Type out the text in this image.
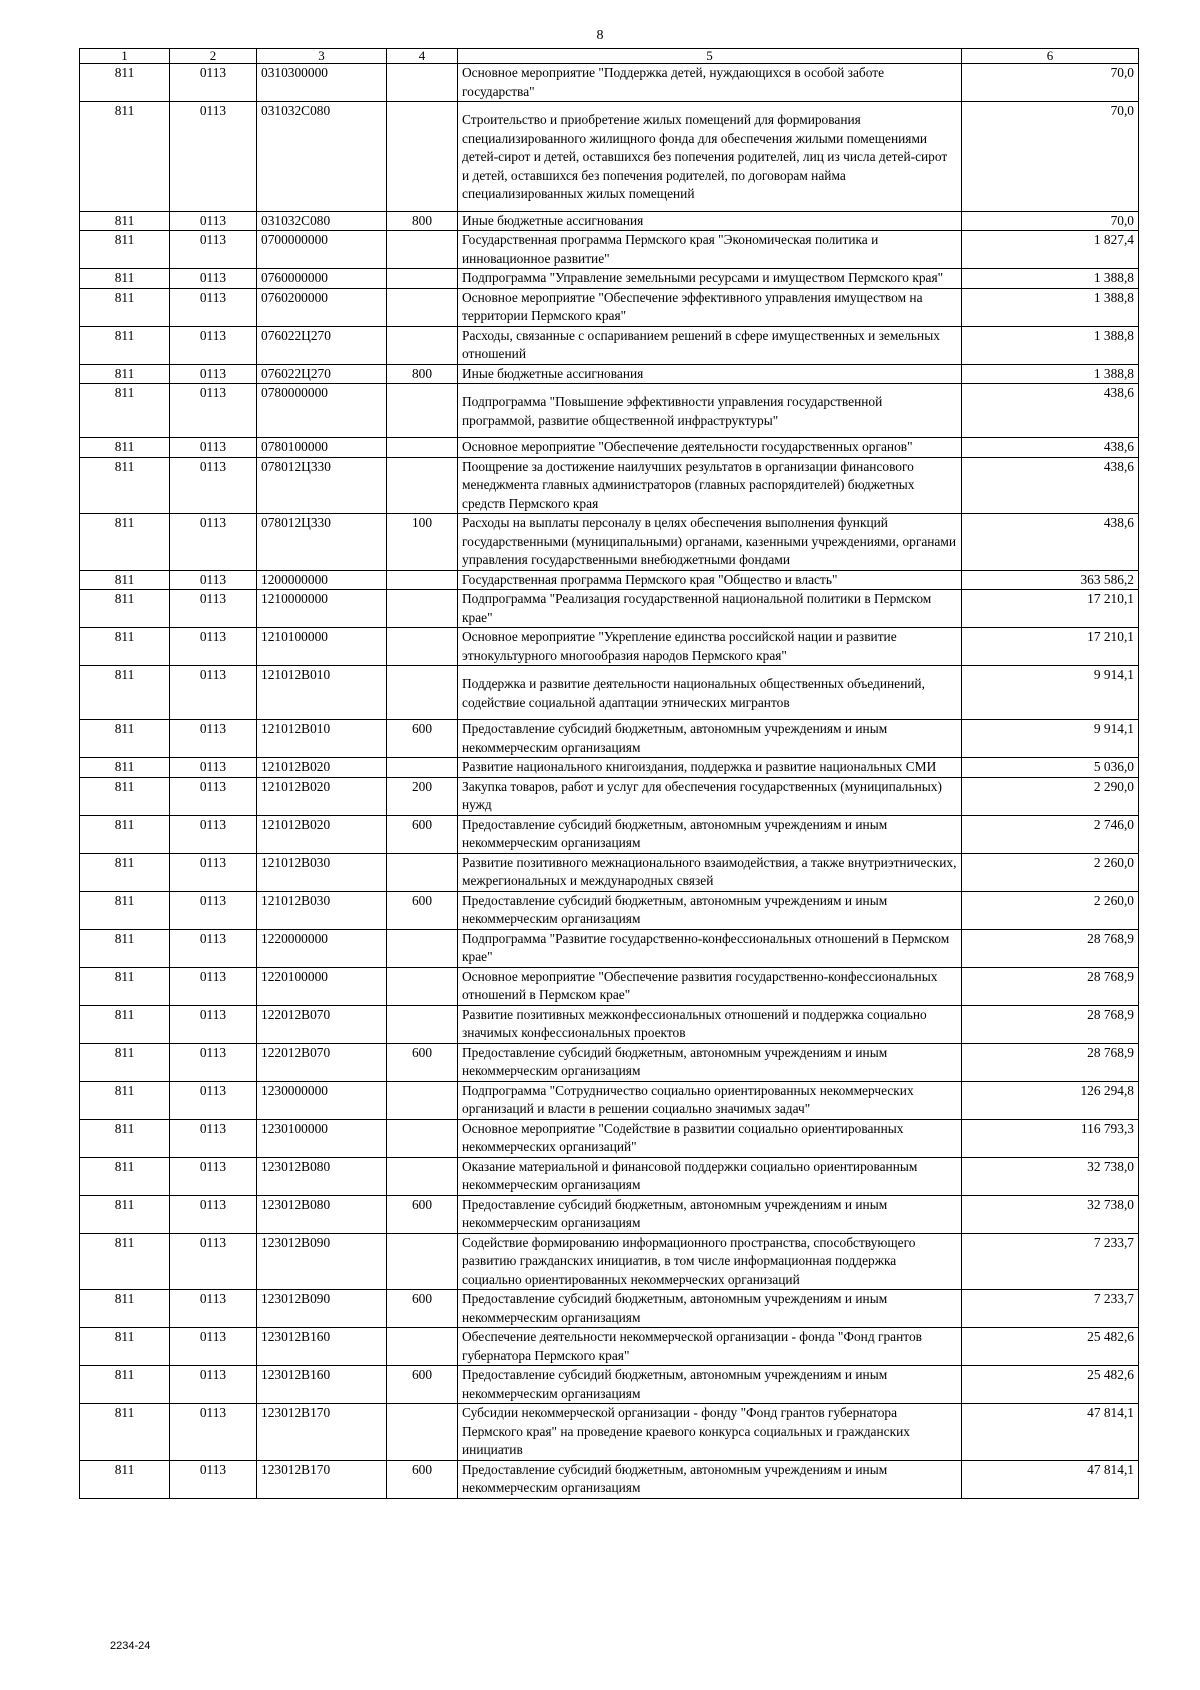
8
1	2	3	4	5	6
811	0113	0310300000		Основное мероприятие "Поддержка детей, нуждающихся в особой заботе государства"	70,0
811	0113	031032С080		Строительство и приобретение жилых помещений для формирования специализированного жилищного фонда для обеспечения жилыми помещениями детей-сирот и детей, оставшихся без попечения родителей, лиц из числа детей-сирот и детей, оставшихся без попечения родителей, по договорам найма специализированных жилых помещений	70,0
811	0113	031032С080	800	Иные бюджетные ассигнования	70,0
811	0113	0700000000		Государственная программа Пермского края "Экономическая политика и инновационное развитие"	1 827,4
811	0113	0760000000		Подпрограмма "Управление земельными ресурсами и имуществом Пермского края"	1 388,8
811	0113	0760200000		Основное мероприятие "Обеспечение эффективного управления имуществом на территории Пермского края"	1 388,8
811	0113	076022Ц270		Расходы, связанные с оспариванием решений в сфере имущественных и земельных отношений	1 388,8
811	0113	076022Ц270	800	Иные бюджетные ассигнования	1 388,8
811	0113	0780000000		Подпрограмма "Повышение эффективности управления государственной программой, развитие общественной инфраструктуры"	438,6
811	0113	0780100000		Основное мероприятие "Обеспечение деятельности государственных органов"	438,6
811	0113	078012Ц330		Поощрение за достижение наилучших результатов в организации финансового менеджмента главных администраторов (главных распорядителей) бюджетных средств Пермского края	438,6
811	0113	078012Ц330	100	Расходы на выплаты персоналу в целях обеспечения выполнения функций государственными (муниципальными) органами, казенными учреждениями, органами управления государственными внебюджетными фондами	438,6
811	0113	1200000000		Государственная программа Пермского края "Общество и власть"	363 586,2
811	0113	1210000000		Подпрограмма "Реализация государственной национальной политики в Пермском крае"	17 210,1
811	0113	1210100000		Основное мероприятие "Укрепление единства российской нации и развитие этнокультурного многообразия народов Пермского края"	17 210,1
811	0113	121012В010		Поддержка и развитие деятельности национальных общественных объединений, содействие социальной адаптации этнических мигрантов	9 914,1
811	0113	121012В010	600	Предоставление субсидий бюджетным, автономным учреждениям и иным некоммерческим организациям	9 914,1
811	0113	121012В020		Развитие национального книгоиздания, поддержка и развитие национальных СМИ	5 036,0
811	0113	121012В020	200	Закупка товаров, работ и услуг для обеспечения государственных (муниципальных) нужд	2 290,0
811	0113	121012В020	600	Предоставление субсидий бюджетным, автономным учреждениям и иным некоммерческим организациям	2 746,0
811	0113	121012В030		Развитие позитивного межнационального взаимодействия, а также внутриэтнических, межрегиональных и международных связей	2 260,0
811	0113	121012В030	600	Предоставление субсидий бюджетным, автономным учреждениям и иным некоммерческим организациям	2 260,0
811	0113	1220000000		Подпрограмма "Развитие государственно-конфессиональных отношений в Пермском крае"	28 768,9
811	0113	1220100000		Основное мероприятие "Обеспечение развития государственно-конфессиональных отношений в Пермском крае"	28 768,9
811	0113	122012В070		Развитие позитивных межконфессиональных отношений и поддержка социально значимых конфессиональных проектов	28 768,9
811	0113	122012В070	600	Предоставление субсидий бюджетным, автономным учреждениям и иным некоммерческим организациям	28 768,9
811	0113	1230000000		Подпрограмма "Сотрудничество социально ориентированных некоммерческих организаций и власти в решении социально значимых задач"	126 294,8
811	0113	1230100000		Основное мероприятие "Содействие в развитии социально ориентированных некоммерческих организаций"	116 793,3
811	0113	123012В080		Оказание материальной и финансовой поддержки социально ориентированным некоммерческим организациям	32 738,0
811	0113	123012В080	600	Предоставление субсидий бюджетным, автономным учреждениям и иным некоммерческим организациям	32 738,0
811	0113	123012В090		Содействие формированию информационного пространства, способствующего развитию гражданских инициатив, в том числе информационная поддержка социально ориентированных некоммерческих организаций	7 233,7
811	0113	123012В090	600	Предоставление субсидий бюджетным, автономным учреждениям и иным некоммерческим организациям	7 233,7
811	0113	123012В160		Обеспечение деятельности некоммерческой организации - фонда "Фонд грантов губернатора Пермского края"	25 482,6
811	0113	123012В160	600	Предоставление субсидий бюджетным, автономным учреждениям и иным некоммерческим организациям	25 482,6
811	0113	123012В170		Субсидии некоммерческой организации - фонду "Фонд грантов губернатора Пермского края" на проведение краевого конкурса социальных и гражданских инициатив	47 814,1
811	0113	123012В170	600	Предоставление субсидий бюджетным, автономным учреждениям и иным некоммерческим организациям	47 814,1
2234-24
